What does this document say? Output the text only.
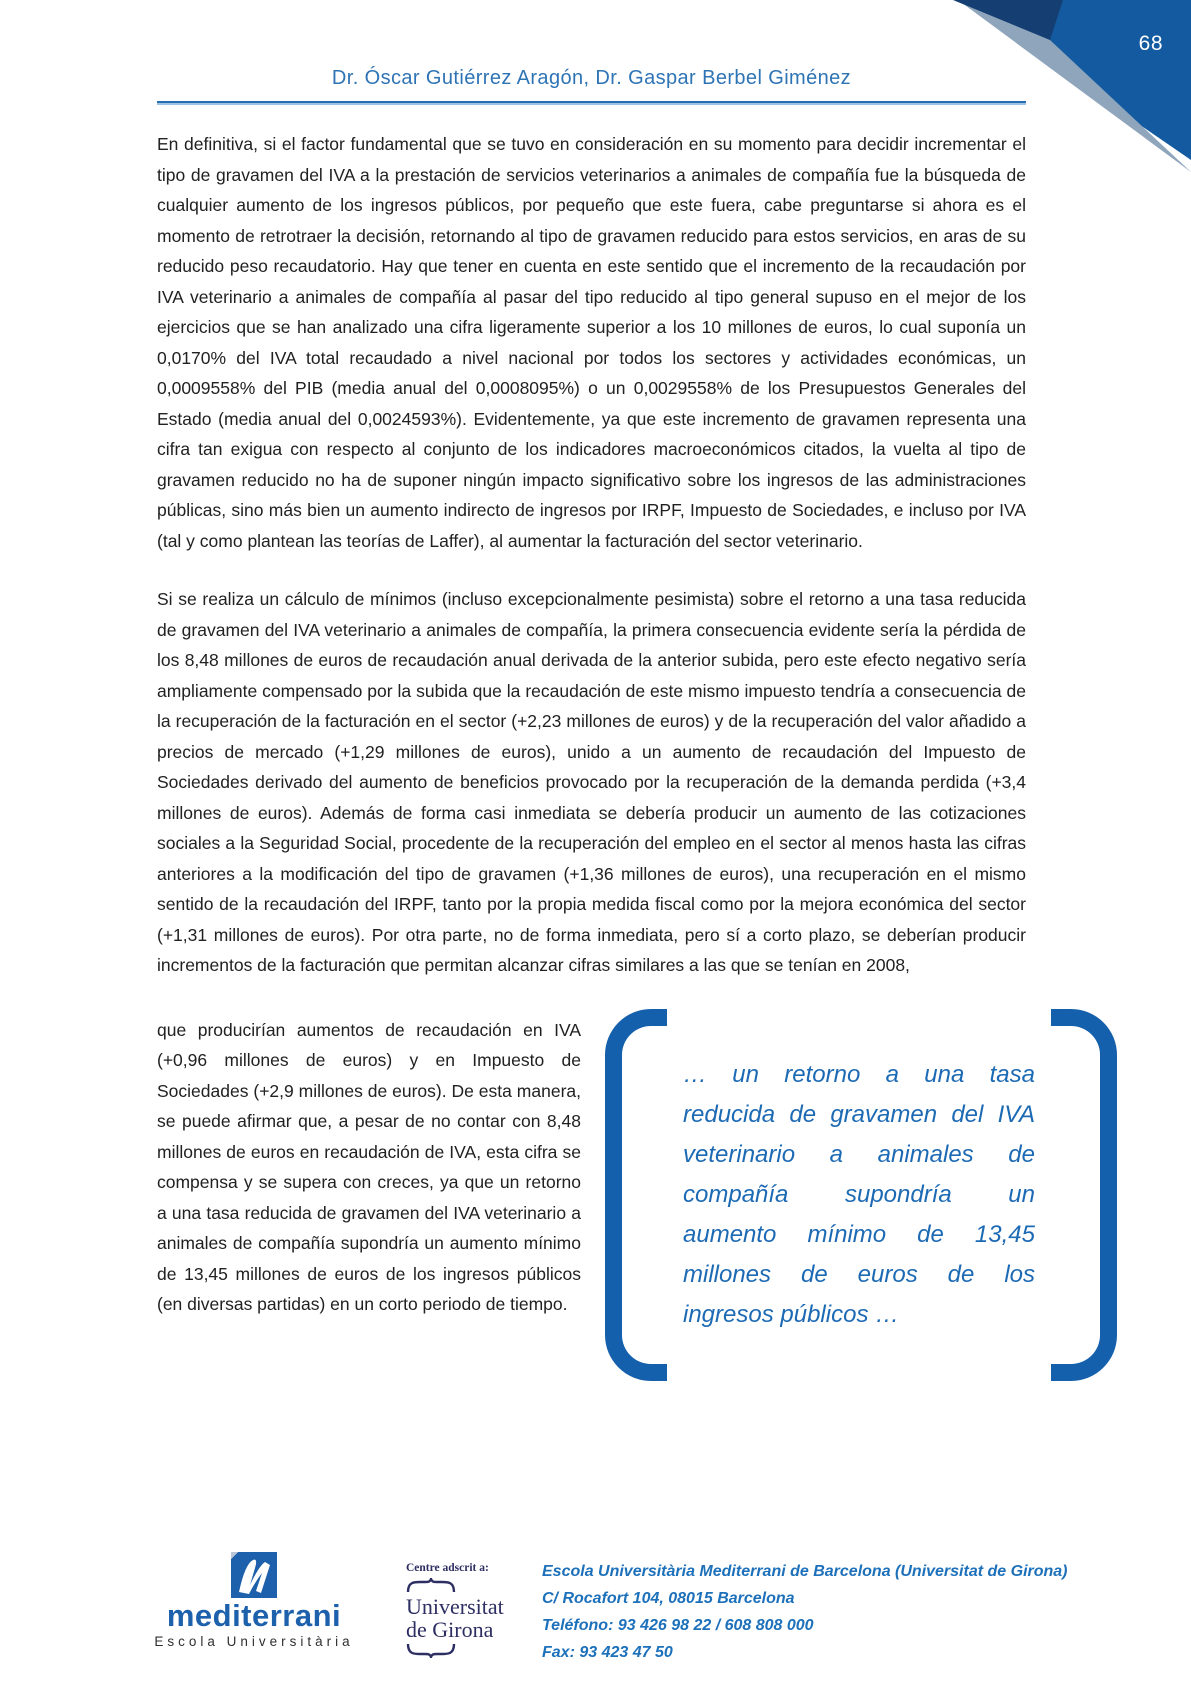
68
Dr. Óscar Gutiérrez Aragón, Dr. Gaspar Berbel Giménez

En definitiva, si el factor fundamental que se tuvo en consideración en su momento para decidir incrementar el tipo de gravamen del IVA a la prestación de servicios veterinarios a animales de compañía fue la búsqueda de cualquier aumento de los ingresos públicos, por pequeño que este fuera, cabe preguntarse si ahora es el momento de retrotraer la decisión, retornando al tipo de gravamen reducido para estos servicios, en aras de su reducido peso recaudatorio. Hay que tener en cuenta en este sentido que el incremento de la recaudación por IVA veterinario a animales de compañía al pasar del tipo reducido al tipo general supuso en el mejor de los ejercicios que se han analizado una cifra ligeramente superior a los 10 millones de euros, lo cual suponía un 0,0170% del IVA total recaudado a nivel nacional por todos los sectores y actividades económicas, un 0,0009558% del PIB (media anual del 0,0008095%) o un 0,0029558% de los Presupuestos Generales del Estado (media anual del 0,0024593%). Evidentemente, ya que este incremento de gravamen representa una cifra tan exigua con respecto al conjunto de los indicadores macroeconómicos citados, la vuelta al tipo de gravamen reducido no ha de suponer ningún impacto significativo sobre los ingresos de las administraciones públicas, sino más bien un aumento indirecto de ingresos por IRPF, Impuesto de Sociedades, e incluso por IVA (tal y como plantean las teorías de Laffer), al aumentar la facturación del sector veterinario.

Si se realiza un cálculo de mínimos (incluso excepcionalmente pesimista) sobre el retorno a una tasa reducida de gravamen del IVA veterinario a animales de compañía, la primera consecuencia evidente sería la pérdida de los 8,48 millones de euros de recaudación anual derivada de la anterior subida, pero este efecto negativo sería ampliamente compensado por la subida que la recaudación de este mismo impuesto tendría a consecuencia de la recuperación de la facturación en el sector (+2,23 millones de euros) y de la recuperación del valor añadido a precios de mercado (+1,29 millones de euros), unido a un aumento de recaudación del Impuesto de Sociedades derivado del aumento de beneficios provocado por la recuperación de la demanda perdida (+3,4 millones de euros). Además de forma casi inmediata se debería producir un aumento de las cotizaciones sociales a la Seguridad Social, procedente de la recuperación del empleo en el sector al menos hasta las cifras anteriores a la modificación del tipo de gravamen (+1,36 millones de euros), una recuperación en el mismo sentido de la recaudación del IRPF, tanto por la propia medida fiscal como por la mejora económica del sector (+1,31 millones de euros). Por otra parte, no de forma inmediata, pero sí a corto plazo, se deberían producir incrementos de la facturación que permitan alcanzar cifras similares a las que se tenían en 2008,

que producirían aumentos de recaudación en IVA (+0,96 millones de euros) y en Impuesto de Sociedades (+2,9 millones de euros). De esta manera, se puede afirmar que, a pesar de no contar con 8,48 millones de euros en recaudación de IVA, esta cifra se compensa y se supera con creces, ya que un retorno a una tasa reducida de gravamen del IVA veterinario a animales de compañía supondría un aumento mínimo de 13,45 millones de euros de los ingresos públicos (en diversas partidas) en un corto periodo de tiempo.

… un retorno a una tasa reducida de gravamen del IVA veterinario a animales de compañía supondría un aumento mínimo de 13,45 millones de euros de los ingresos públicos …
mediterrani
Escola Universitària
Centre adscrit a:
Universitat
de Girona
Escola Universitària Mediterrani de Barcelona (Universitat de Girona)
C/ Rocafort 104, 08015 Barcelona
Teléfono: 93 426 98 22 / 608 808 000
Fax: 93 423 47 50
